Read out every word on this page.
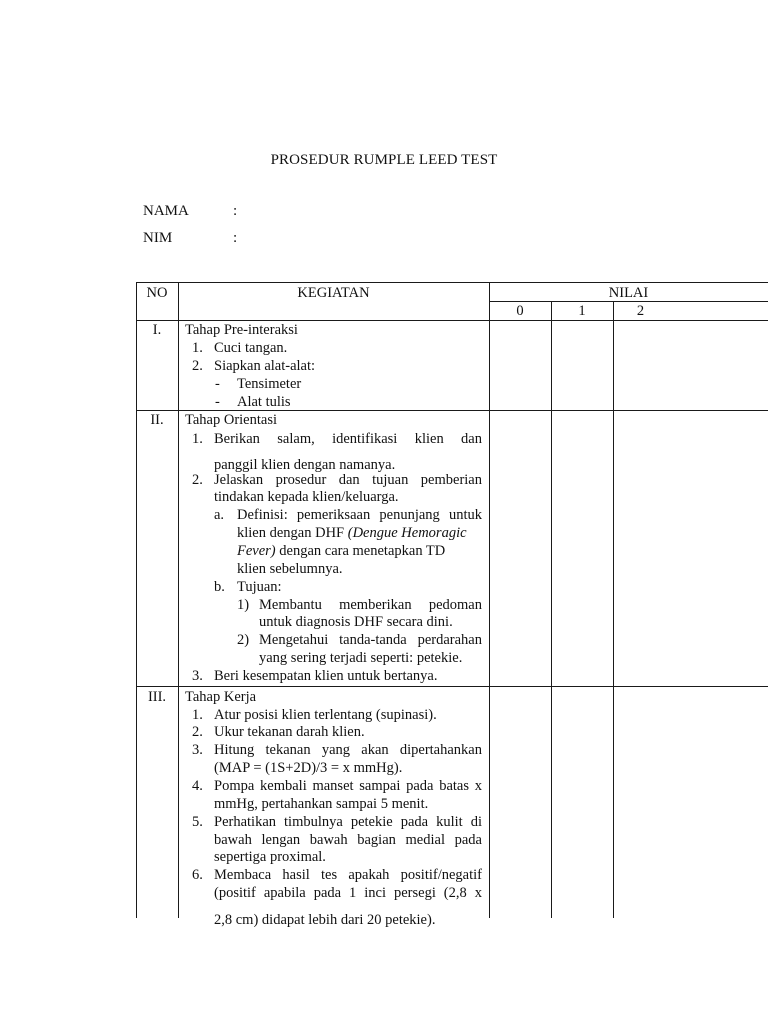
PROSEDUR RUMPLE LEED TEST
NAMA	:
NIM	:
NO	KEGIATAN	NILAI
0	1	2
I.	Tahap Pre-interaksi
1. Cuci tangan.
2. Siapkan alat-alat:
- Tensimeter
- Alat tulis
II.	Tahap Orientasi
1. Berikan salam, identifikasi klien dan
panggil klien dengan namanya.
2. Jelaskan prosedur dan tujuan pemberian
tindakan kepada klien/keluarga.
a. Definisi: pemeriksaan penunjang untuk
klien dengan DHF (Dengue Hemoragic
Fever) dengan cara menetapkan TD
klien sebelumnya.
b. Tujuan:
1) Membantu memberikan pedoman
untuk diagnosis DHF secara dini.
2) Mengetahui tanda-tanda perdarahan
yang sering terjadi seperti: petekie.
3. Beri kesempatan klien untuk bertanya.
III.	Tahap Kerja
1. Atur posisi klien terlentang (supinasi).
2. Ukur tekanan darah klien.
3. Hitung tekanan yang akan dipertahankan
(MAP = (1S+2D)/3 = x mmHg).
4. Pompa kembali manset sampai pada batas x
mmHg, pertahankan sampai 5 menit.
5. Perhatikan timbulnya petekie pada kulit di
bawah lengan bawah bagian medial pada
sepertiga proximal.
6. Membaca hasil tes apakah positif/negatif
(positif apabila pada 1 inci persegi (2,8 x
2,8 cm) didapat lebih dari 20 petekie).
